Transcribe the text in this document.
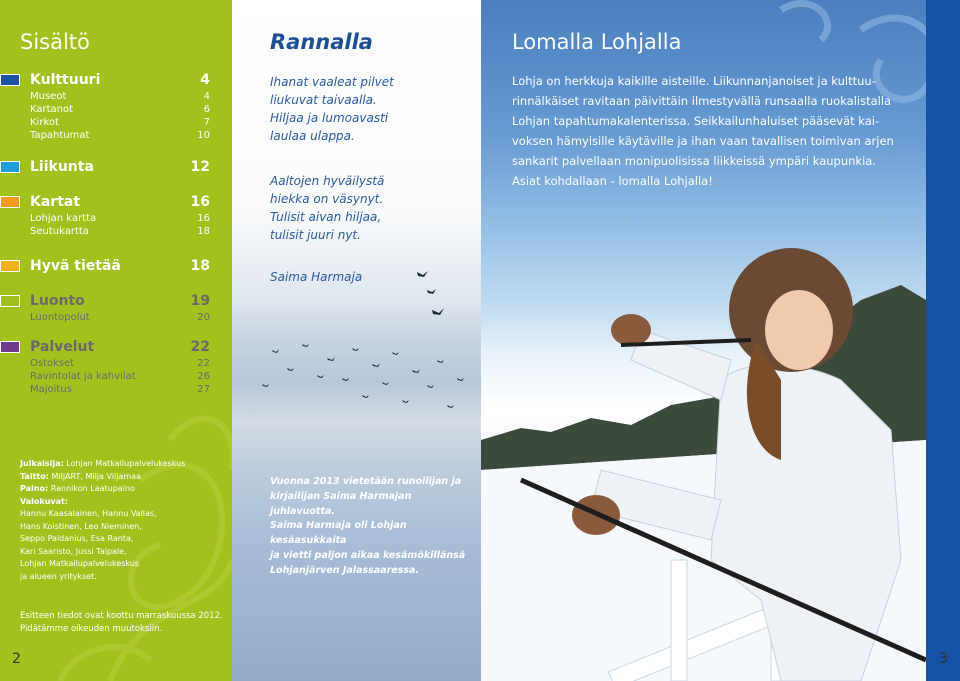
Sisältö
Kulttuuri	4
Museot	4
Kartanot	6
Kirkot	7
Tapahtumat	10
Liikunta	12
Kartat	16
Lohjan kartta	16
Seutukartta	18
Hyvä tietää	18
Luonto	19
Luontopolut	20
Palvelut	22
Ostokset	22
Ravintolat ja kahvilat	26
Majoitus	27
Julkaisija: Lohjan Matkailupalvelukeskus
Taitto: MiljART, Milja Viljamaa
Paino: Rannikon Laatupaino
Valokuvat:
Hannu Kaasalainen, Hannu Vallas,
Hans Koistinen, Leo Nieminen,
Seppo Paldanius, Esa Ranta,
Kari Saaristo, Jussi Taipale,
Lohjan Matkailupalvelukeskus
ja alueen yritykset.
Esitteen tiedot ovat koottu marraskuussa 2012.
Pidätämme oikeuden muutoksiin.
2
Rannalla
Ihanat vaaleat pilvet
liukuvat taivaalla.
Hiljaa ja lumoavasti
laulaa ulappa.
Aaltojen hyväilystä
hiekka on väsynyt.
Tulisit aivan hiljaa,
tulisit juuri nyt.
Saima Harmaja
Vuonna 2013 vietetään runoilijan ja
kirjailijan Saima Harmajan juhlavuotta.
Saima Harmaja oli Lohjan kesäasukkaita
ja vietti paljon aikaa kesämökillänsä
Lohjanjärven Jalassaaressa.
Lomalla Lohjalla
Lohja on herkkuja kaikille aisteille. Liikunnanjanoiset ja kulttuu-
rinnälkäiset ravitaan päivittäin ilmestyvällä runsaalla ruokalistalla
Lohjan tapahtumakalenterissa. Seikkailunhaluiset pääsevät kai-
voksen hämyisille käytäville ja ihan vaan tavallisen toimivan arjen
sankarit palvellaan monipuolisissa liikkeissä ympäri kaupunkia.
Asiat kohdallaan - lomalla Lohjalla!
3
